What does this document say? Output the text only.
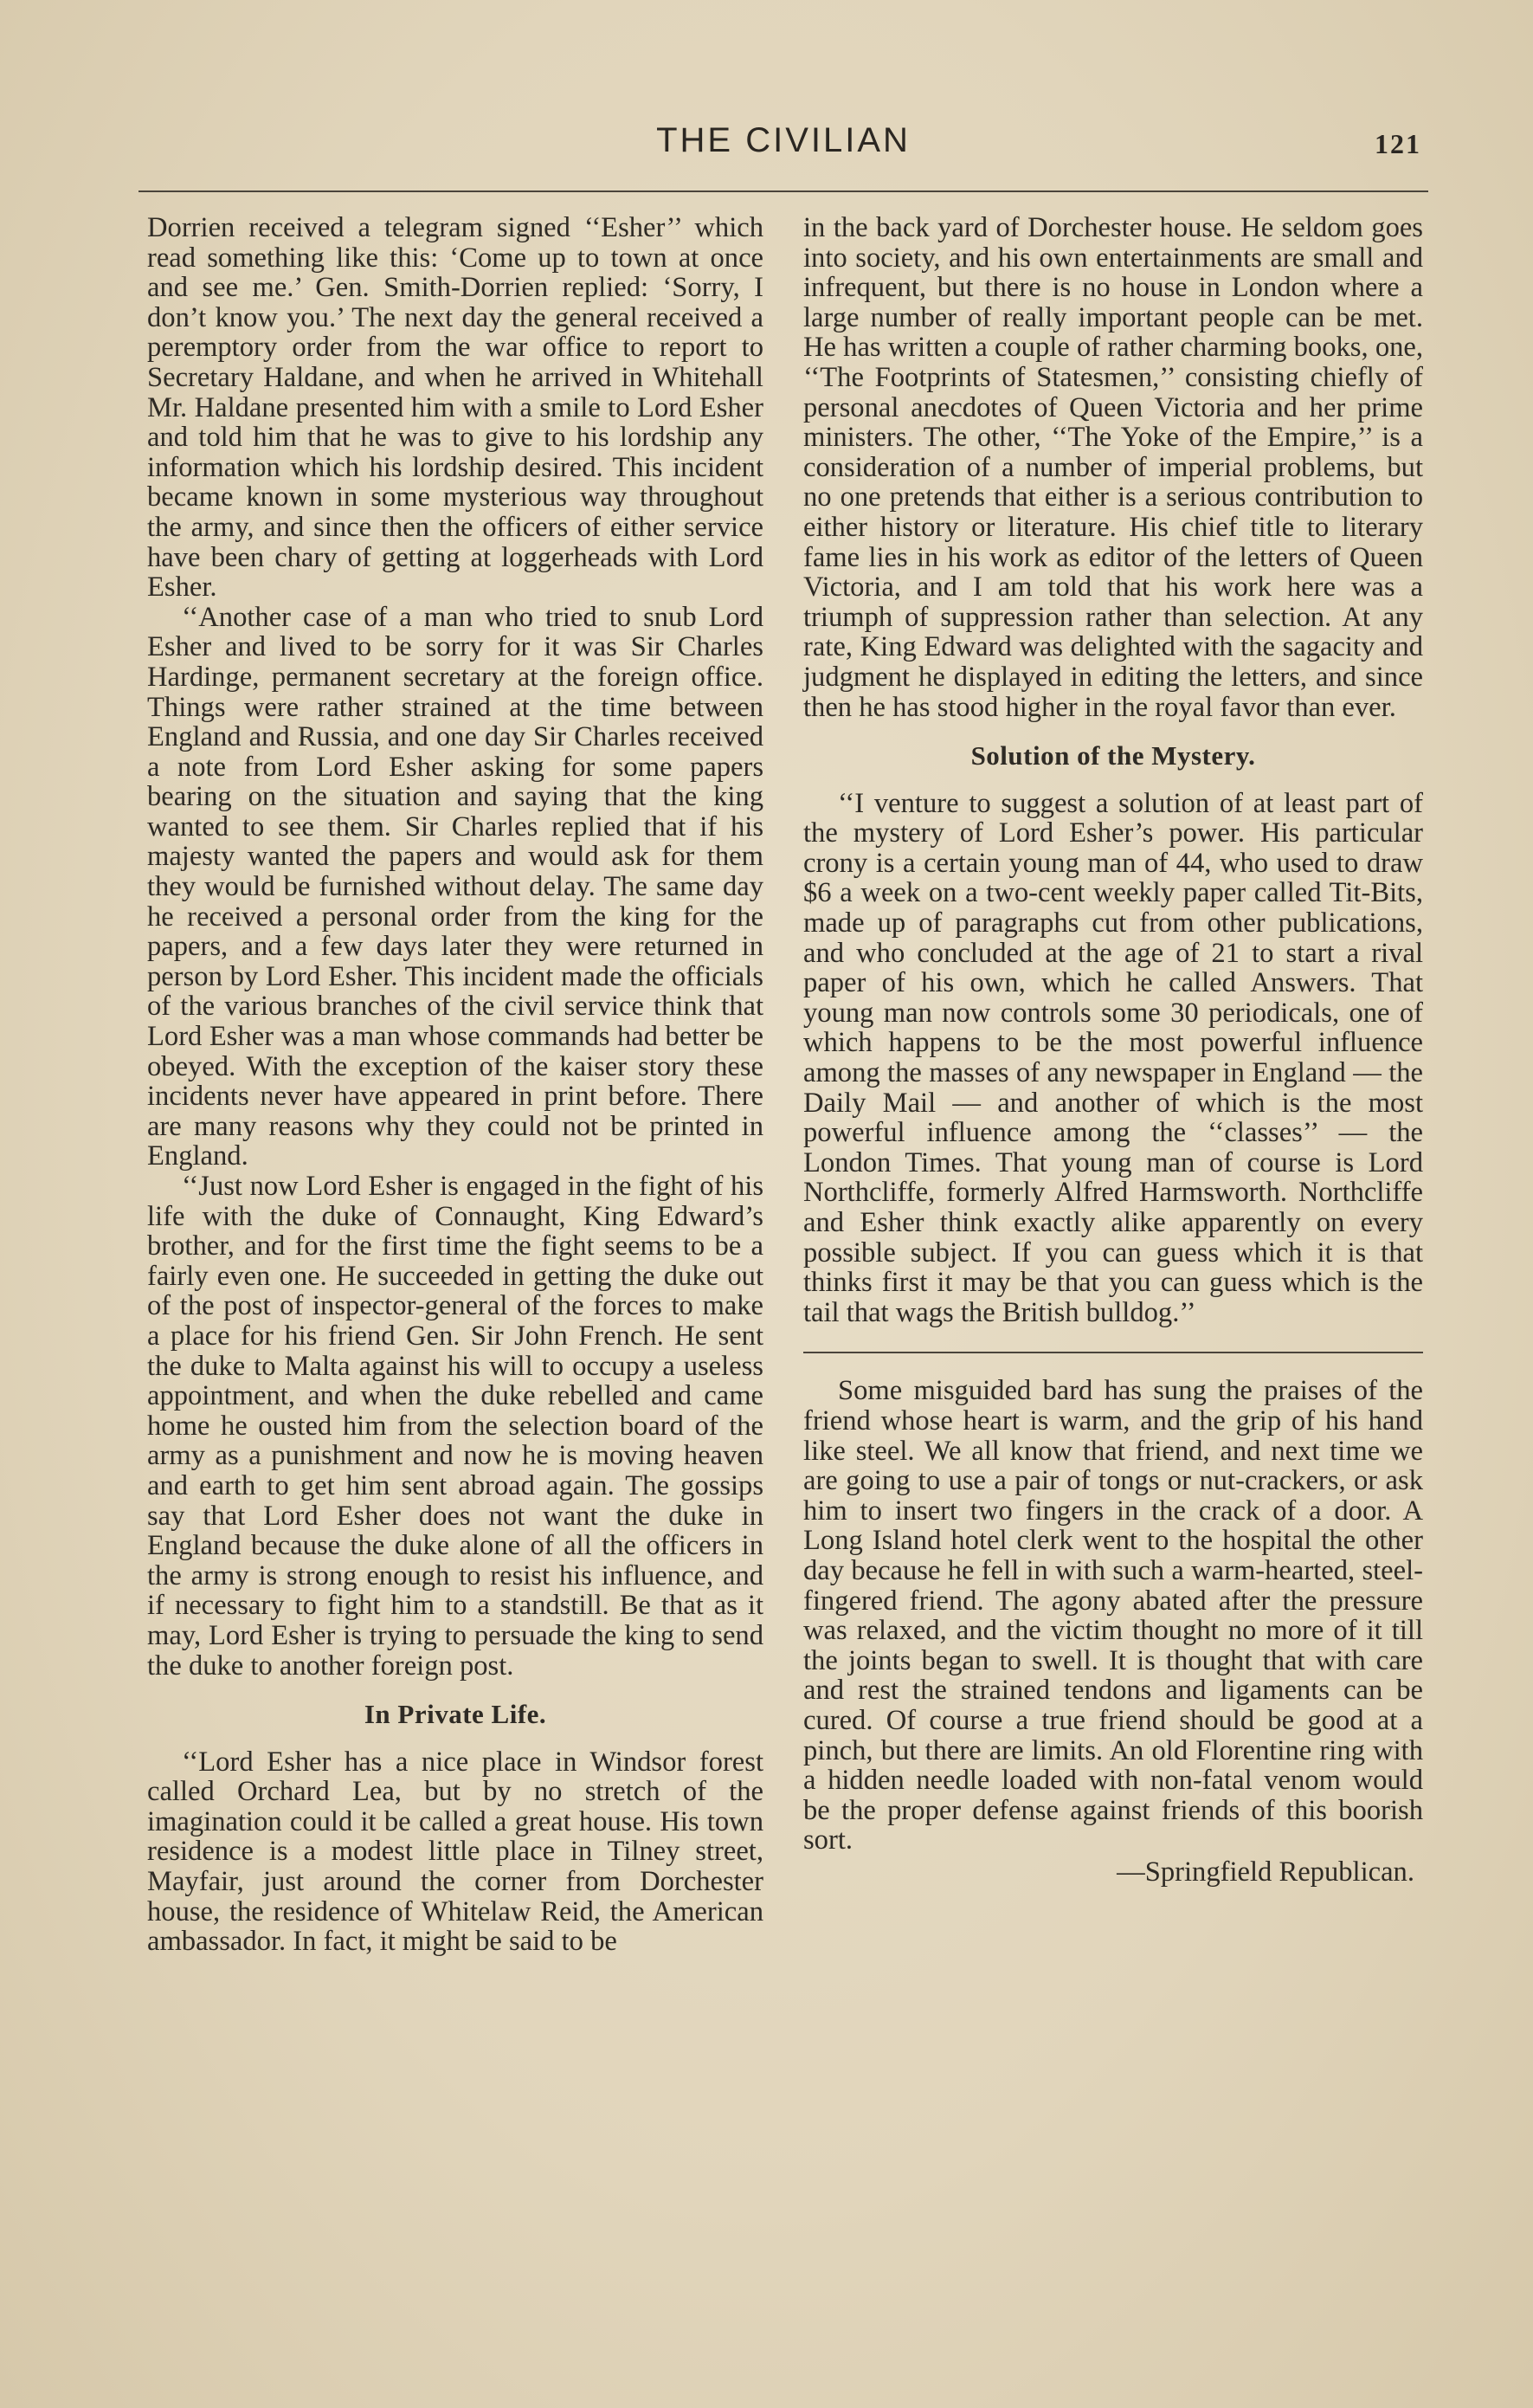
THE CIVILIAN	121

Dorrien received a telegram signed ‘‘Esher’’ which read something like this: ‘Come up to town at once and see me.’ Gen. Smith-Dorrien replied: ‘Sorry, I don’t know you.’ The next day the general received a peremptory order from the war office to report to Secretary Haldane, and when he arrived in Whitehall Mr. Haldane presented him with a smile to Lord Esher and told him that he was to give to his lordship any information which his lordship desired. This incident became known in some mysterious way throughout the army, and since then the officers of either service have been chary of getting at loggerheads with Lord Esher.

‘‘Another case of a man who tried to snub Lord Esher and lived to be sorry for it was Sir Charles Hardinge, permanent secretary at the foreign office. Things were rather strained at the time between England and Russia, and one day Sir Charles received a note from Lord Esher asking for some papers bearing on the situation and saying that the king wanted to see them. Sir Charles replied that if his majesty wanted the papers and would ask for them they would be furnished without delay. The same day he received a personal order from the king for the papers, and a few days later they were returned in person by Lord Esher. This incident made the officials of the various branches of the civil service think that Lord Esher was a man whose commands had better be obeyed. With the exception of the kaiser story these incidents never have appeared in print before. There are many reasons why they could not be printed in England.

‘‘Just now Lord Esher is engaged in the fight of his life with the duke of Connaught, King Edward’s brother, and for the first time the fight seems to be a fairly even one. He succeeded in getting the duke out of the post of inspector-general of the forces to make a place for his friend Gen. Sir John French. He sent the duke to Malta against his will to occupy a useless appointment, and when the duke rebelled and came home he ousted him from the selection board of the army as a punishment and now he is moving heaven and earth to get him sent abroad again. The gossips say that Lord Esher does not want the duke in England because the duke alone of all the officers in the army is strong enough to resist his influence, and if necessary to fight him to a standstill. Be that as it may, Lord Esher is trying to persuade the king to send the duke to another foreign post.

In Private Life.

‘‘Lord Esher has a nice place in Windsor forest called Orchard Lea, but by no stretch of the imagination could it be called a great house. His town residence is a modest little place in Tilney street, Mayfair, just around the corner from Dorchester house, the residence of Whitelaw Reid, the American ambassador. In fact, it might be said to be

in the back yard of Dorchester house. He seldom goes into society, and his own entertainments are small and infrequent, but there is no house in London where a large number of really important people can be met. He has written a couple of rather charming books, one, ‘‘The Footprints of Statesmen,’’ consisting chiefly of personal anecdotes of Queen Victoria and her prime ministers. The other, ‘‘The Yoke of the Empire,’’ is a consideration of a number of imperial problems, but no one pretends that either is a serious contribution to either history or literature. His chief title to literary fame lies in his work as editor of the letters of Queen Victoria, and I am told that his work here was a triumph of suppression rather than selection. At any rate, King Edward was delighted with the sagacity and judgment he displayed in editing the letters, and since then he has stood higher in the royal favor than ever.

Solution of the Mystery.

‘‘I venture to suggest a solution of at least part of the mystery of Lord Esher’s power. His particular crony is a certain young man of 44, who used to draw $6 a week on a two-cent weekly paper called Tit-Bits, made up of paragraphs cut from other publications, and who concluded at the age of 21 to start a rival paper of his own, which he called Answers. That young man now controls some 30 periodicals, one of which happens to be the most powerful influence among the masses of any newspaper in England — the Daily Mail — and another of which is the most powerful influence among the ‘‘classes’’ — the London Times. That young man of course is Lord Northcliffe, formerly Alfred Harmsworth. Northcliffe and Esher think exactly alike apparently on every possible subject. If you can guess which it is that thinks first it may be that you can guess which is the tail that wags the British bulldog.’’

Some misguided bard has sung the praises of the friend whose heart is warm, and the grip of his hand like steel. We all know that friend, and next time we are going to use a pair of tongs or nut-crackers, or ask him to insert two fingers in the crack of a door. A Long Island hotel clerk went to the hospital the other day because he fell in with such a warm-hearted, steel-fingered friend. The agony abated after the pressure was relaxed, and the victim thought no more of it till the joints began to swell. It is thought that with care and rest the strained tendons and ligaments can be cured. Of course a true friend should be good at a pinch, but there are limits. An old Florentine ring with a hidden needle loaded with non-fatal venom would be the proper defense against friends of this boorish sort.

—Springfield Republican.
